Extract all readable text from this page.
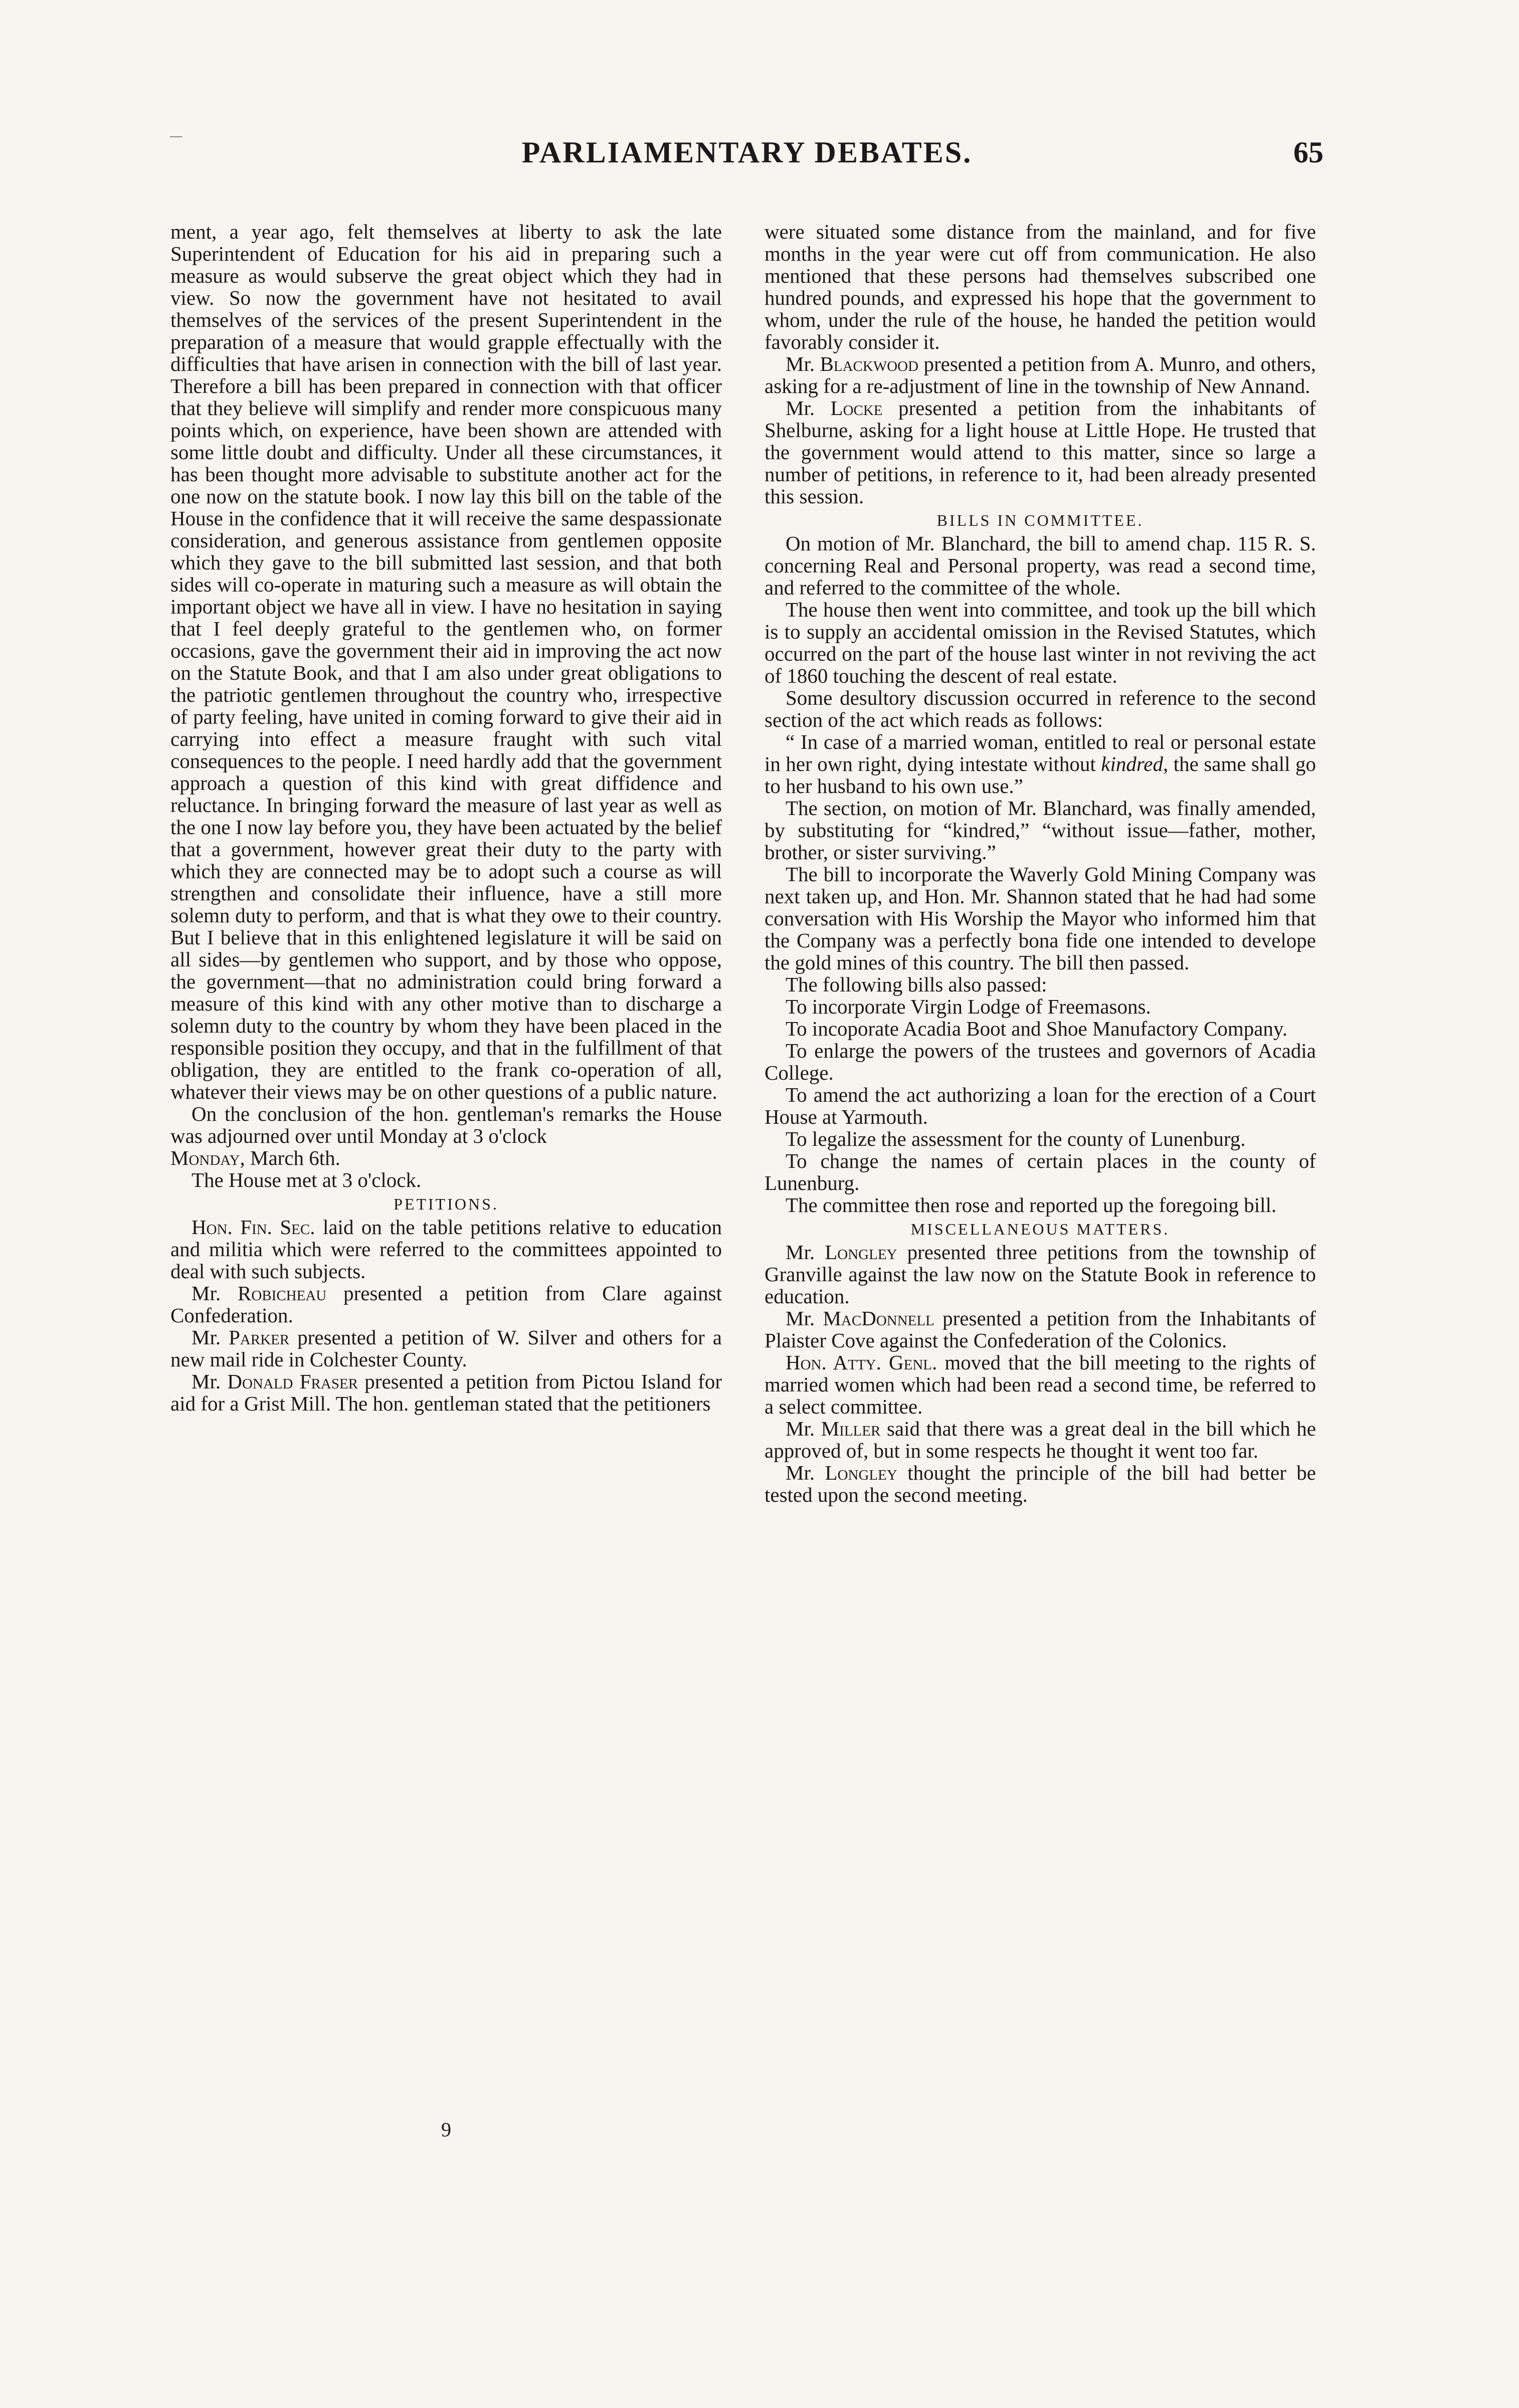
‾‾	PARLIAMENTARY DEBATES.	65

ment, a year ago, felt themselves at liberty to ask the late Superintendent of Education for his aid in preparing such a measure as would subserve the great object which they had in view. So now the government have not hesitated to avail themselves of the services of the present Superintendent in the preparation of a measure that would grapple effectually with the difficulties that have arisen in connection with the bill of last year. Therefore a bill has been prepared in connection with that officer that they believe will simplify and render more conspicuous many points which, on experience, have been shown are attended with some little doubt and difficulty. Under all these circumstances, it has been thought more advisable to substitute another act for the one now on the statute book. I now lay this bill on the table of the House in the confidence that it will receive the same despassionate consideration, and generous assistance from gentlemen opposite which they gave to the bill submitted last session, and that both sides will co-operate in maturing such a measure as will obtain the important object we have all in view. I have no hesitation in saying that I feel deeply grateful to the gentlemen who, on former occasions, gave the government their aid in improving the act now on the Statute Book, and that I am also under great obligations to the patriotic gentlemen throughout the country who, irrespective of party feeling, have united in coming forward to give their aid in carrying into effect a measure fraught with such vital consequences to the people. I need hardly add that the government approach a question of this kind with great diffidence and reluctance. In bringing forward the measure of last year as well as the one I now lay before you, they have been actuated by the belief that a government, however great their duty to the party with which they are connected may be to adopt such a course as will strengthen and consolidate their influence, have a still more solemn duty to perform, and that is what they owe to their country. But I believe that in this enlightened legislature it will be said on all sides—by gentlemen who support, and by those who oppose, the government—that no administration could bring forward a measure of this kind with any other motive than to discharge a solemn duty to the country by whom they have been placed in the responsible position they occupy, and that in the fulfillment of that obligation, they are entitled to the frank co-operation of all, whatever their views may be on other questions of a public nature.

On the conclusion of the hon. gentleman's remarks the House was adjourned over until Monday at 3 o'clock

Monday, March 6th.

The House met at 3 o'clock.

PETITIONS.

Hon. Fin. Sec. laid on the table petitions relative to education and militia which were referred to the committees appointed to deal with such subjects.

Mr. Robicheau presented a petition from Clare against Confederation.

Mr. Parker presented a petition of W. Silver and others for a new mail ride in Colchester County.

Mr. Donald Fraser presented a petition from Pictou Island for aid for a Grist Mill. The hon. gentleman stated that the petitioners

were situated some distance from the mainland, and for five months in the year were cut off from communication. He also mentioned that these persons had themselves subscribed one hundred pounds, and expressed his hope that the government to whom, under the rule of the house, he handed the petition would favorably consider it.

Mr. Blackwood presented a petition from A. Munro, and others, asking for a re-adjustment of line in the township of New Annand.

Mr. Locke presented a petition from the inhabitants of Shelburne, asking for a light house at Little Hope. He trusted that the government would attend to this matter, since so large a number of petitions, in reference to it, had been already presented this session.

BILLS IN COMMITTEE.

On motion of Mr. Blanchard, the bill to amend chap. 115 R. S. concerning Real and Personal property, was read a second time, and referred to the committee of the whole.

The house then went into committee, and took up the bill which is to supply an accidental omission in the Revised Statutes, which occurred on the part of the house last winter in not reviving the act of 1860 touching the descent of real estate.

Some desultory discussion occurred in reference to the second section of the act which reads as follows:

“ In case of a married woman, entitled to real or personal estate in her own right, dying intestate without kindred, the same shall go to her husband to his own use.”

The section, on motion of Mr. Blanchard, was finally amended, by substituting for “kindred,” “without issue—father, mother, brother, or sister surviving.”

The bill to incorporate the Waverly Gold Mining Company was next taken up, and Hon. Mr. Shannon stated that he had had some conversation with His Worship the Mayor who informed him that the Company was a perfectly bona fide one intended to develope the gold mines of this country. The bill then passed.

The following bills also passed:

To incorporate Virgin Lodge of Freemasons.

To incoporate Acadia Boot and Shoe Manufactory Company.

To enlarge the powers of the trustees and governors of Acadia College.

To amend the act authorizing a loan for the erection of a Court House at Yarmouth.

To legalize the assessment for the county of Lunenburg.

To change the names of certain places in the county of Lunenburg.

The committee then rose and reported up the foregoing bill.

MISCELLANEOUS MATTERS.

Mr. Longley presented three petitions from the township of Granville against the law now on the Statute Book in reference to education.

Mr. MacDonnell presented a petition from the Inhabitants of Plaister Cove against the Confederation of the Colonics.

Hon. Atty. Genl. moved that the bill meeting to the rights of married women which had been read a second time, be referred to a select committee.

Mr. Miller said that there was a great deal in the bill which he approved of, but in some respects he thought it went too far.

Mr. Longley thought the principle of the bill had better be tested upon the second meeting.

9
